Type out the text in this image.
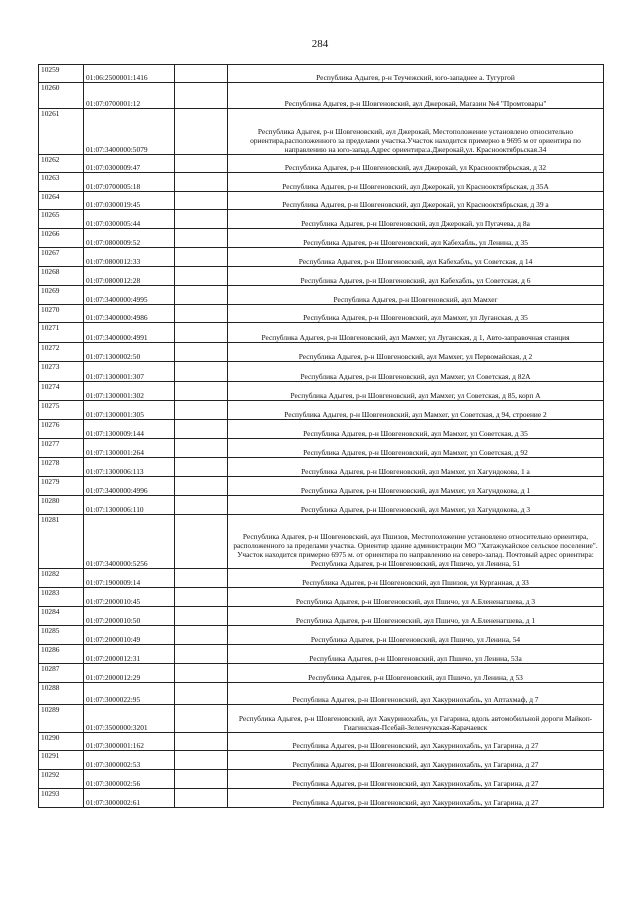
284
10259	01:06:2500001:1416		Республика Адыгея, р-н Теучежский, юго-западнее а. Тугургой
10260	01:07:0700001:12		Республика Адыгея, р-н Шовгеновский, аул Джерокай, Магазин №4 "Промтовары"
10261	01:07:3400000:5079		Республика Адыгея, р-н Шовгеновский, аул Джерокай, Местоположение установлено относительно ориентира,расположенного за пределами участка.Участок находится примерно в 9695 м от ориентира по направлению на юго-запад.Адрес ориентира:а.Джерокай,ул. Краснооктябрьская.34
10262	01:07:0300009:47		Республика Адыгея, р-н Шовгеновский, аул Джерокай, ул Краснооктябрьская, д 32
10263	01:07:0700005:18		Республика Адыгея, р-н Шовгеновский, аул Джерокай, ул Краснооктябрьская, д 35А
10264	01:07:0300019:45		Республика Адыгея, р-н Шовгеновский, аул Джерокай, ул Краснооктябрьская, д 39 а
10265	01:07:0300005:44		Республика Адыгея, р-н Шовгеновский, аул Джерокай, ул Пугачева, д 8а
10266	01:07:0800009:52		Республика Адыгея, р-н Шовгеновский, аул Кабехабль, ул Ленина, д 35
10267	01:07:0800012:33		Республика Адыгея, р-н Шовгеновский, аул Кабехабль, ул Советская, д 14
10268	01:07:0800012:28		Республика Адыгея, р-н Шовгеновский, аул Кабехабль, ул Советская, д 6
10269	01:07:3400000:4995		Республика Адыгея, р-н Шовгеновский, аул Мамхег
10270	01:07:3400000:4986		Республика Адыгея, р-н Шовгеновский, аул Мамхег, ул Луганская, д 35
10271	01:07:3400000:4991		Республика Адыгея, р-н Шовгеновский, аул Мамхег, ул Луганская, д 1, Авто-заправочная станция
10272	01:07:1300002:50		Республика Адыгея, р-н Шовгеновский, аул Мамхег, ул Первомайская, д 2
10273	01:07:1300001:307		Республика Адыгея, р-н Шовгеновский, аул Мамхег, ул Советская, д 82А
10274	01:07:1300001:302		Республика Адыгея, р-н Шовгеновский, аул Мамхег, ул Советская, д 85, корп А
10275	01:07:1300001:305		Республика Адыгея, р-н Шовгеновский, аул Мамхег, ул Советская, д 94, строение 2
10276	01:07:1300009:144		Республика Адыгея, р-н Шовгеновский, аул Мамхег, ул Советская, д 35
10277	01:07:1300001:264		Республика Адыгея, р-н Шовгеновский, аул Мамхег, ул Советская, д 92
10278	01:07:1300006:113		Республика Адыгея, р-н Шовгеновский, аул Мамхег, ул Хагундокова, 1 а
10279	01:07:3400000:4996		Республика Адыгея, р-н Шовгеновский, аул Мамхег, ул Хагундокова, д 1
10280	01:07:1300006:110		Республика Адыгея, р-н Шовгеновский, аул Мамхег, ул Хагундокова, д 3
10281	01:07:3400000:5256		Республика Адыгея, р-н Шовгеновский, аул Пшизов, Местоположение установлено относительно ориентира, расположенного за пределами участка. Ориентир здание администрации МО "Хатажукайское сельское поселение". Участок находится примерно 6975 м. от ориентира по направлению на северо-запад. Почтовый адрес ориентира: Республика Адыгея, р-н Шовгеновский, аул Пшичо, ул Ленина, 51
10282	01:07:1900009:14		Республика Адыгея, р-н Шовгеновский, аул Пшизов, ул Курганная, д 33
10283	01:07:2000010:45		Республика Адыгея, р-н Шовгеновский, аул Пшичо, ул А.Блененагшева, д 3
10284	01:07:2000010:50		Республика Адыгея, р-н Шовгеновский, аул Пшичо, ул А.Блененагшева, д 1
10285	01:07:2000010:49		Республика Адыгея, р-н Шовгеновский, аул Пшичо, ул Ленина, 54
10286	01:07:2000012:31		Республика Адыгея, р-н Шовгеновский, аул Пшичо, ул Ленина, 53а
10287	01:07:2000012:29		Республика Адыгея, р-н Шовгеновский, аул Пшичо, ул Ленина, д 53
10288	01:07:3000022:95		Республика Адыгея, р-н Шовгеновский, аул Хакуринохабль, ул Аптахмаф, д 7
10289	01:07:3500000:3201		Республика Адыгея, р-н Шовгеновский, аул Хакуринохабль, ул Гагарина, вдоль автомобильной дороги Майкоп-Гиагинская-Псебай-Зеленчукская-Карачаевск
10290	01:07:3000001:162		Республика Адыгея, р-н Шовгеновский, аул Хакуринохабль, ул Гагарина, д 27
10291	01:07:3000002:53		Республика Адыгея, р-н Шовгеновский, аул Хакуринохабль, ул Гагарина, д 27
10292	01:07:3000002:56		Республика Адыгея, р-н Шовгеновский, аул Хакуринохабль, ул Гагарина, д 27
10293	01:07:3000002:61		Республика Адыгея, р-н Шовгеновский, аул Хакуринохабль, ул Гагарина, д 27
